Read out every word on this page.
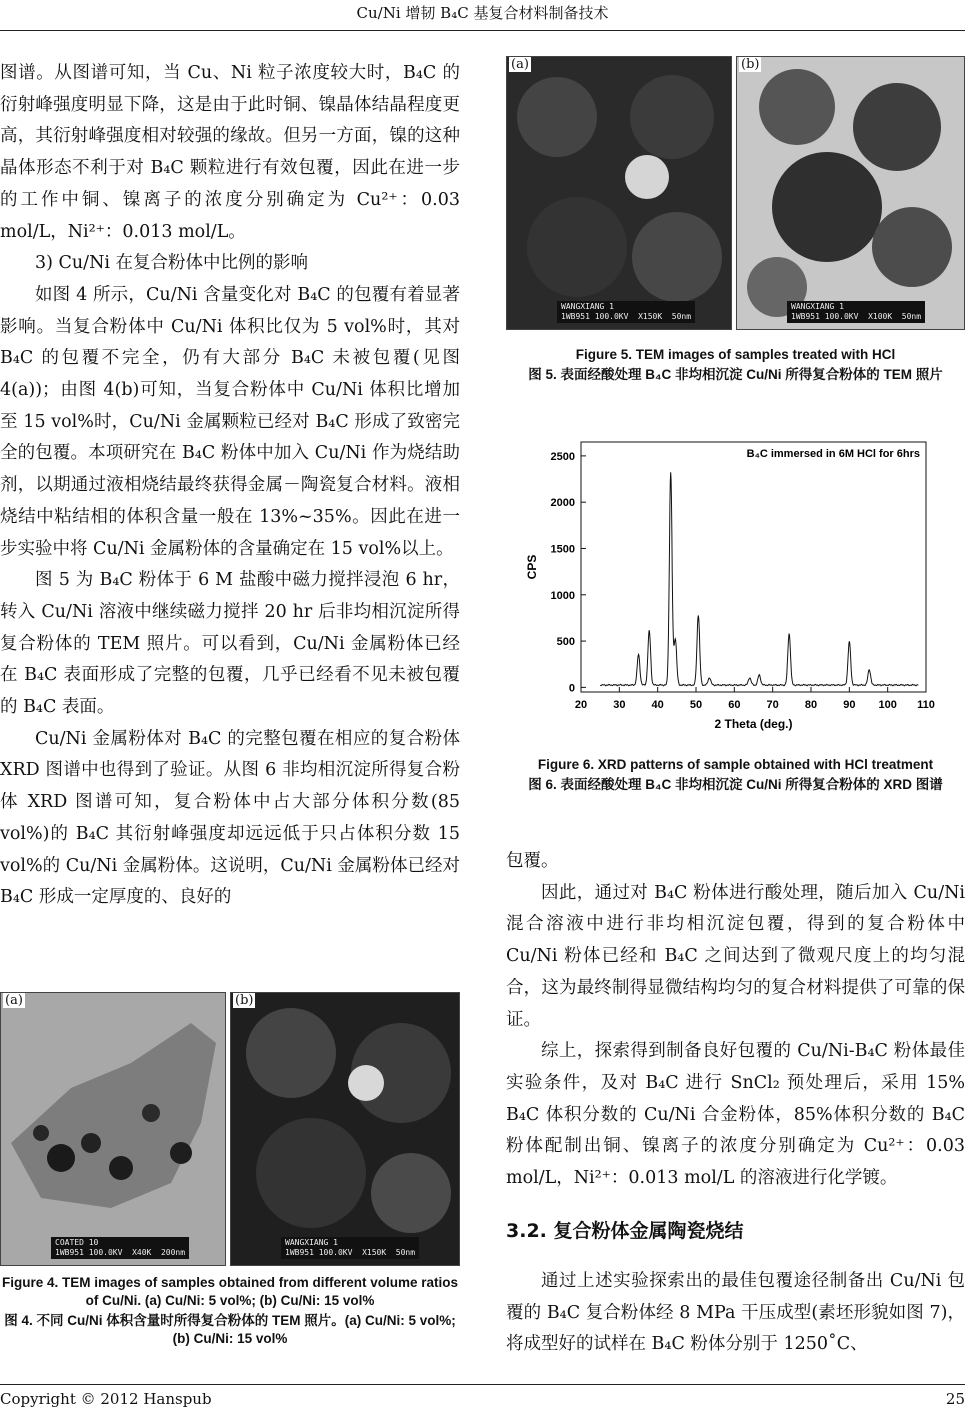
Cu/Ni 增韧 B₄C 基复合材料制备技术

图谱。从图谱可知，当 Cu、Ni 粒子浓度较大时，B₄C 的衍射峰强度明显下降，这是由于此时铜、镍晶体结晶程度更高，其衍射峰强度相对较强的缘故。但另一方面，镍的这种晶体形态不利于对 B₄C 颗粒进行有效包覆，因此在进一步的工作中铜、镍离子的浓度分别确定为 Cu²⁺：0.03 mol/L，Ni²⁺：0.013 mol/L。

3) Cu/Ni 在复合粉体中比例的影响

如图 4 所示，Cu/Ni 含量变化对 B₄C 的包覆有着显著影响。当复合粉体中 Cu/Ni 体积比仅为 5 vol%时，其对 B₄C 的包覆不完全，仍有大部分 B₄C 未被包覆(见图 4(a))；由图 4(b)可知，当复合粉体中 Cu/Ni 体积比增加至 15 vol%时，Cu/Ni 金属颗粒已经对 B₄C 形成了致密完全的包覆。本项研究在 B₄C 粉体中加入 Cu/Ni 作为烧结助剂，以期通过液相烧结最终获得金属－陶瓷复合材料。液相烧结中粘结相的体积含量一般在 13%~35%。因此在进一步实验中将 Cu/Ni 金属粉体的含量确定在 15 vol%以上。

图 5 为 B₄C 粉体于 6 M 盐酸中磁力搅拌浸泡 6 hr，转入 Cu/Ni 溶液中继续磁力搅拌 20 hr 后非均相沉淀所得复合粉体的 TEM 照片。可以看到，Cu/Ni 金属粉体已经在 B₄C 表面形成了完整的包覆，几乎已经看不见未被包覆的 B₄C 表面。

Cu/Ni 金属粉体对 B₄C 的完整包覆在相应的复合粉体 XRD 图谱中也得到了验证。从图 6 非均相沉淀所得复合粉体 XRD 图谱可知，复合粉体中占大部分体积分数(85 vol%)的 B₄C 其衍射峰强度却远远低于只占体积分数 15 vol%的 Cu/Ni 金属粉体。这说明，Cu/Ni 金属粉体已经对 B₄C 形成一定厚度的、良好的

(a)
COATED 10
1WB951 100.0KV  X40K  200nm
(b)
WANGXIANG 1
1WB951 100.0KV  X150K  50nm
Figure 4. TEM images of samples obtained from different volume ratios of Cu/Ni. (a) Cu/Ni: 5 vol%; (b) Cu/Ni: 15 vol%
图 4. 不同 Cu/Ni 体积含量时所得复合粉体的 TEM 照片。(a) Cu/Ni: 5 vol%; (b) Cu/Ni: 15 vol%
(a)
WANGXIANG 1
1WB951 100.0KV  X150K  50nm
(b)
WANGXIANG 1
1WB951 100.0KV  X100K  50nm
Figure 5. TEM images of samples treated with HCl
图 5. 表面经酸处理 B₄C 非均相沉淀 Cu/Ni 所得复合粉体的 TEM 照片
0
500
1000
1500
2000
2500
20 30 40 50 60 70 80 90 100 110
B₄C immersed in 6M HCl for 6hrs
2 Theta (deg.)
CPS
Figure 6. XRD patterns of sample obtained with HCl treatment
图 6. 表面经酸处理 B₄C 非均相沉淀 Cu/Ni 所得复合粉体的 XRD 图谱

包覆。

因此，通过对 B₄C 粉体进行酸处理，随后加入 Cu/Ni 混合溶液中进行非均相沉淀包覆，得到的复合粉体中 Cu/Ni 粉体已经和 B₄C 之间达到了微观尺度上的均匀混合，这为最终制得显微结构均匀的复合材料提供了可靠的保证。

综上，探索得到制备良好包覆的 Cu/Ni-B₄C 粉体最佳实验条件，及对 B₄C 进行 SnCl₂ 预处理后，采用 15% B₄C 体积分数的 Cu/Ni 合金粉体，85%体积分数的 B₄C 粉体配制出铜、镍离子的浓度分别确定为 Cu²⁺：0.03 mol/L，Ni²⁺：0.013 mol/L 的溶液进行化学镀。

3.2. 复合粉体金属陶瓷烧结

通过上述实验探索出的最佳包覆途径制备出 Cu/Ni 包覆的 B₄C 复合粉体经 8 MPa 干压成型(素坯形貌如图 7)，将成型好的试样在 B₄C 粉体分别于 1250˚C、

Copyright © 2012 Hanspub	25
